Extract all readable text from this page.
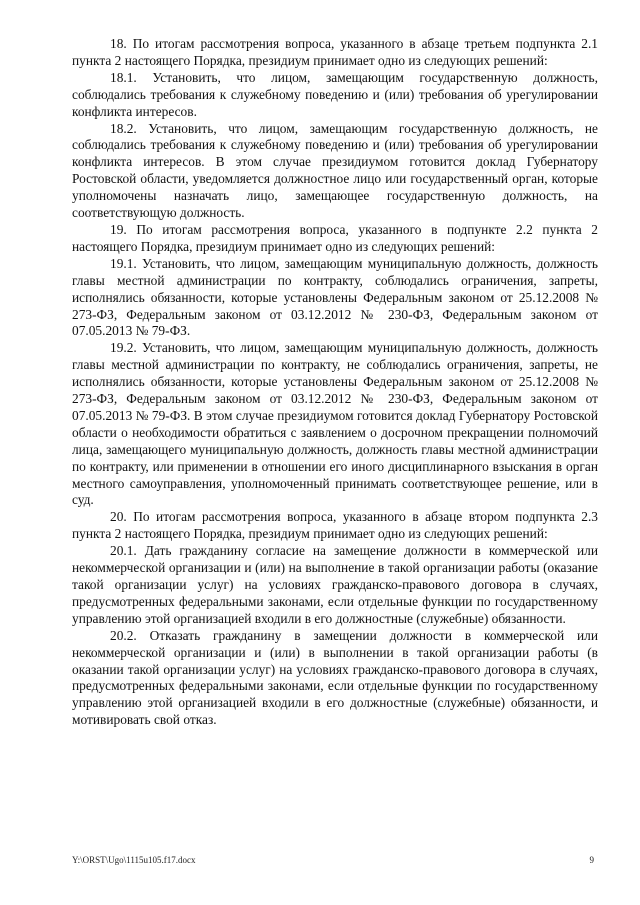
18. По итогам рассмотрения вопроса, указанного в абзаце третьем подпункта 2.1 пункта 2 настоящего Порядка, президиум принимает одно из следующих решений:

18.1. Установить, что лицом, замещающим государственную должность, соблюдались требования к служебному поведению и (или) требования об урегулировании конфликта интересов.

18.2. Установить, что лицом, замещающим государственную должность, не соблюдались требования к служебному поведению и (или) требования об урегулировании конфликта интересов. В этом случае президиумом готовится доклад Губернатору Ростовской области, уведомляется должностное лицо или государственный орган, которые уполномочены назначать лицо, замещающее государственную должность, на соответствующую должность.

19. По итогам рассмотрения вопроса, указанного в подпункте 2.2 пункта 2 настоящего Порядка, президиум принимает одно из следующих решений:

19.1. Установить, что лицом, замещающим муниципальную должность, должность главы местной администрации по контракту, соблюдались ограничения, запреты, исполнялись обязанности, которые установлены Федеральным законом от 25.12.2008 № 273-ФЗ, Федеральным законом от 03.12.2012 № 230-ФЗ, Федеральным законом от 07.05.2013 № 79-ФЗ.

19.2. Установить, что лицом, замещающим муниципальную должность, должность главы местной администрации по контракту, не соблюдались ограничения, запреты, не исполнялись обязанности, которые установлены Федеральным законом от 25.12.2008 № 273-ФЗ, Федеральным законом от 03.12.2012 № 230-ФЗ, Федеральным законом от 07.05.2013 № 79-ФЗ. В этом случае президиумом готовится доклад Губернатору Ростовской области о необходимости обратиться с заявлением о досрочном прекращении полномочий лица, замещающего муниципальную должность, должность главы местной администрации по контракту, или применении в отношении его иного дисциплинарного взыскания в орган местного самоуправления, уполномоченный принимать соответствующее решение, или в суд.

20. По итогам рассмотрения вопроса, указанного в абзаце втором подпункта 2.3 пункта 2 настоящего Порядка, президиум принимает одно из следующих решений:

20.1. Дать гражданину согласие на замещение должности в коммерческой или некоммерческой организации и (или) на выполнение в такой организации работы (оказание такой организации услуг) на условиях гражданско-правового договора в случаях, предусмотренных федеральными законами, если отдельные функции по государственному управлению этой организацией входили в его должностные (служебные) обязанности.

20.2. Отказать гражданину в замещении должности в коммерческой или некоммерческой организации и (или) в выполнении в такой организации работы (в оказании такой организации услуг) на условиях гражданско-правового договора в случаях, предусмотренных федеральными законами, если отдельные функции по государственному управлению этой организацией входили в его должностные (служебные) обязанности, и мотивировать свой отказ.

Y:\ORST\Ugo\1115u105.f17.docx	9
